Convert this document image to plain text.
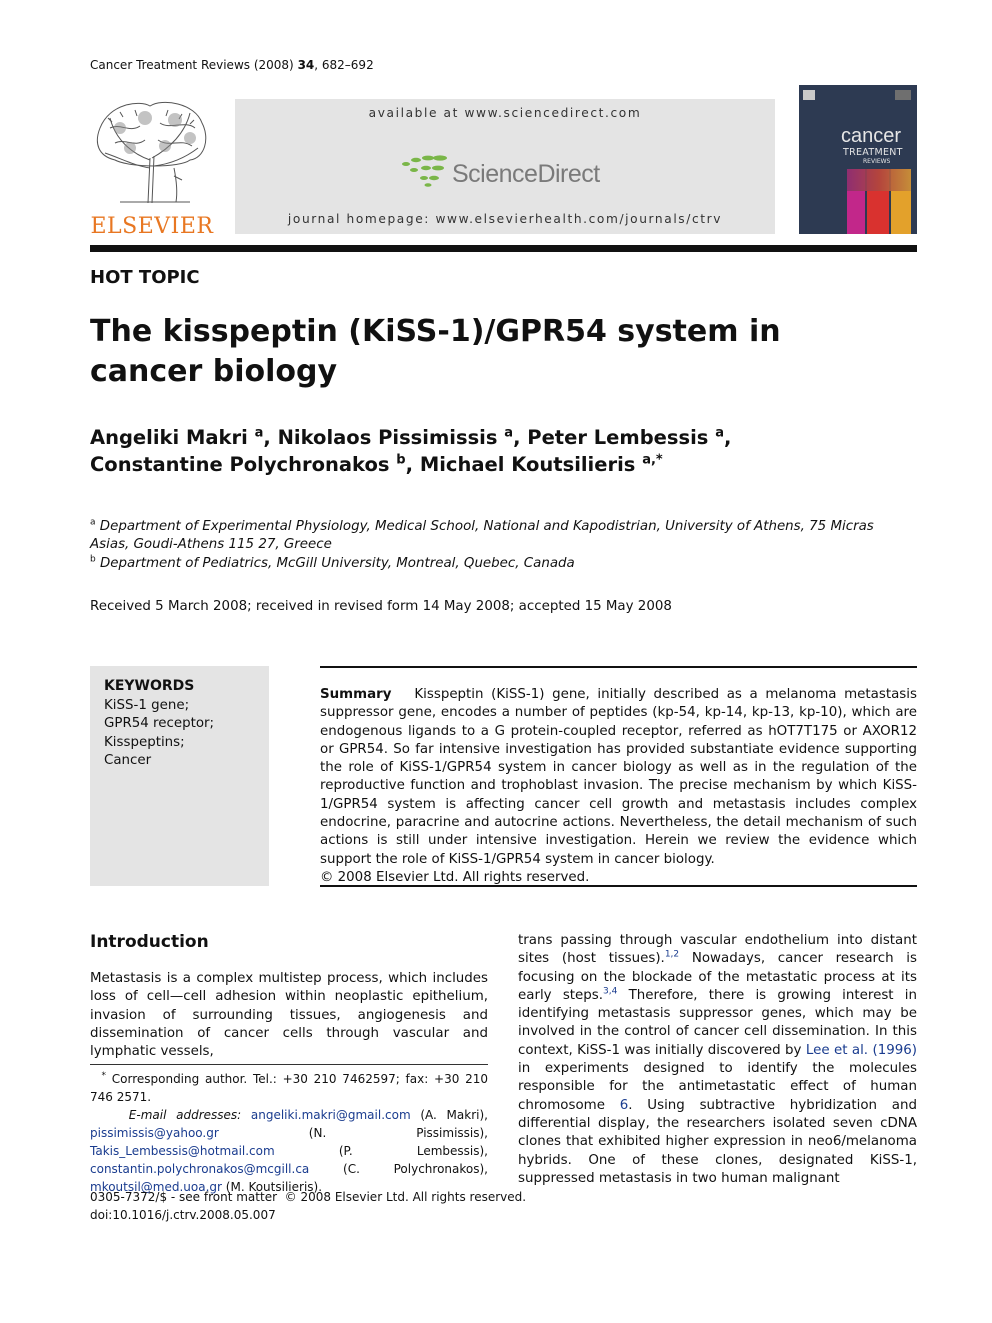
Cancer Treatment Reviews (2008) 34, 682–692
ELSEVIER
available at www.sciencedirect.com
ScienceDirect
journal homepage: www.elsevierhealth.com/journals/ctrv
cancer
TREATMENT
REVIEWS
HOT TOPIC
The kisspeptin (KiSS-1)/GPR54 system in
cancer biology
Angeliki Makri $^a$, Nikolaos Pissimissis $^a$, Peter Lembessis $^a$,
Constantine Polychronakos $^b$, Michael Koutsilieris $^{a,*}$
$^a$ Department of Experimental Physiology, Medical School, National and Kapodistrian, University of Athens, 75 Micras Asias, Goudi-Athens 115 27, Greece
$^b$ Department of Pediatrics, McGill University, Montreal, Quebec, Canada
Received 5 March 2008; received in revised form 14 May 2008; accepted 15 May 2008
KEYWORDS
KiSS-1 gene;
GPR54 receptor;
Kisspeptins;
Cancer
Summary Kisspeptin (KiSS-1) gene, initially described as a melanoma metastasis suppressor gene, encodes a number of peptides (kp-54, kp-14, kp-13, kp-10), which are endogenous ligands to a G protein-coupled receptor, referred as hOT7T175 or AXOR12 or GPR54. So far intensive investigation has provided substantiate evidence supporting the role of KiSS-1/GPR54 system in cancer biology as well as in the regulation of the reproductive function and trophoblast invasion. The precise mechanism by which KiSS-1/GPR54 system is affecting cancer cell growth and metastasis includes complex endocrine, paracrine and autocrine actions. Nevertheless, the detail mechanism of such actions is still under intensive investigation. Herein we review the evidence which support the role of KiSS-1/GPR54 system in cancer biology.
© 2008 Elsevier Ltd. All rights reserved.
Introduction
Metastasis is a complex multistep process, which includes loss of cell—cell adhesion within neoplastic epithelium, invasion of surrounding tissues, angiogenesis and dissemination of cancer cells through vascular and lymphatic vessels,
* Corresponding author. Tel.: +30 210 7462597; fax: +30 210 746 2571.
E-mail addresses: angeliki.makri@gmail.com (A. Makri), pissimissis@yahoo.gr	(N. Pissimissis), Takis_Lembessis@hotmail.com	(P. Lembessis), constantin.polychronakos@mcgill.ca	(C. Polychronakos), mkoutsil@med.uoa.gr (M. Koutsilieris).
trans passing through vascular endothelium into distant sites (host tissues).$^{1,2}$ Nowadays, cancer research is focusing on the blockade of the metastatic process at its early steps.$^{3,4}$ Therefore, there is growing interest in identifying metastasis suppressor genes, which may be involved in the control of cancer cell dissemination. In this context, KiSS-1 was initially discovered by Lee et al. (1996) in experiments designed to identify the molecules responsible for the antimetastatic effect of human chromosome 6. Using subtractive hybridization and differential display, the researchers isolated seven cDNA clones that exhibited higher expression in neo6/melanoma hybrids. One of these clones, designated KiSS-1, suppressed metastasis in two human malignant
0305-7372/$ - see front matter © 2008 Elsevier Ltd. All rights reserved.
doi:10.1016/j.ctrv.2008.05.007
